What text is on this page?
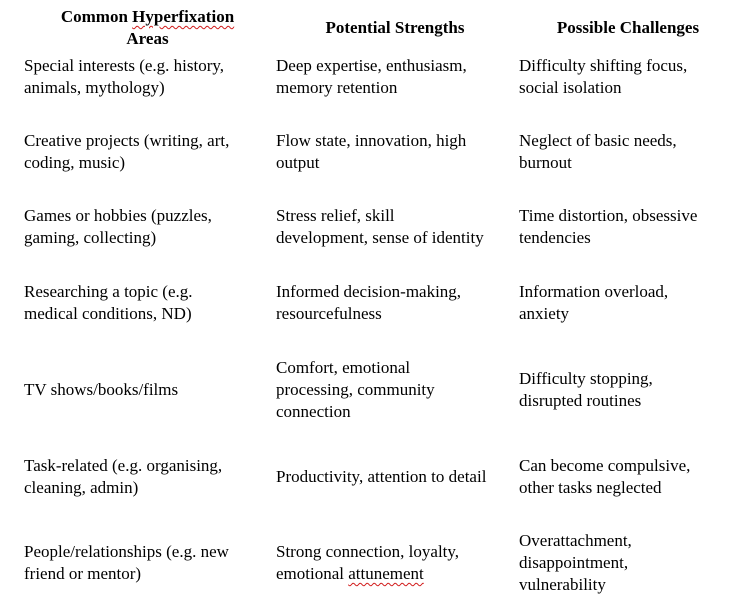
Common Hyperfixation
Areas
Potential Strengths	Possible Challenges
Special interests (e.g. history,
animals, mythology)
Deep expertise, enthusiasm,
memory retention
Difficulty shifting focus,
social isolation
Creative projects (writing, art,
coding, music)
Flow state, innovation, high
output
Neglect of basic needs,
burnout
Games or hobbies (puzzles,
gaming, collecting)
Stress relief, skill
development, sense of identity
Time distortion, obsessive
tendencies
Researching a topic (e.g.
medical conditions, ND)
Informed decision-making,
resourcefulness
Information overload,
anxiety
TV shows/books/films
Comfort, emotional
processing, community
connection
Difficulty stopping,
disrupted routines
Task-related (e.g. organising,
cleaning, admin)
Productivity, attention to detail
Can become compulsive,
other tasks neglected
People/relationships (e.g. new
friend or mentor)
Strong connection, loyalty,
emotional attunement
Overattachment,
disappointment,
vulnerability
